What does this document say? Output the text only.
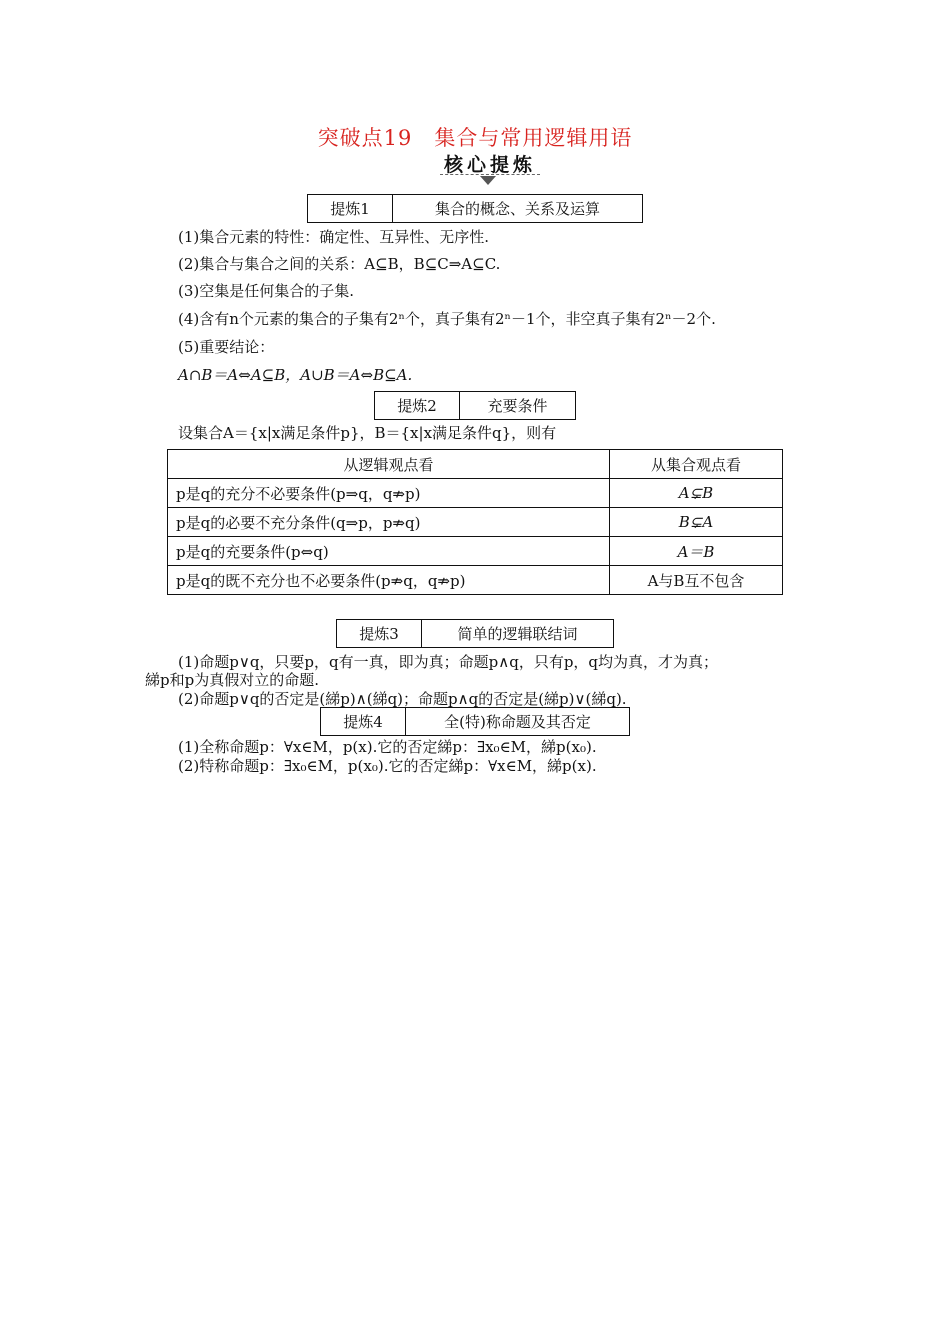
突破点19　集合与常用逻辑用语
核心提炼
提炼1	集合的概念、关系及运算
(1)集合元素的特性：确定性、互异性、无序性.
(2)集合与集合之间的关系：A⊆B，B⊆C⇒A⊆C.
(3)空集是任何集合的子集.
(4)含有n个元素的集合的子集有2ⁿ个，真子集有2ⁿ－1个，非空真子集有2ⁿ－2个.
(5)重要结论：
A∩B＝A⇔A⊆B，A∪B＝A⇔B⊆A.
提炼2	充要条件
设集合A＝{x|x满足条件p}，B＝{x|x满足条件q}，则有
从逻辑观点看	从集合观点看
p是q的充分不必要条件(p⇒q，q⇏p)	A⊊B
p是q的必要不充分条件(q⇒p，p⇏q)	B⊊A
p是q的充要条件(p⇔q)	A＝B
p是q的既不充分也不必要条件(p⇏q，q⇏p)	A与B互不包含
提炼3	简单的逻辑联结词
(1)命题p∨q，只要p，q有一真，即为真；命题p∧q，只有p，q均为真，才为真；
綈p和p为真假对立的命题.
(2)命题p∨q的否定是(綈p)∧(綈q)；命题p∧q的否定是(綈p)∨(綈q).
提炼4	全(特)称命题及其否定
(1)全称命题p：∀x∈M，p(x).它的否定綈p：∃x₀∈M，綈p(x₀).
(2)特称命题p：∃x₀∈M，p(x₀).它的否定綈p：∀x∈M，綈p(x).
